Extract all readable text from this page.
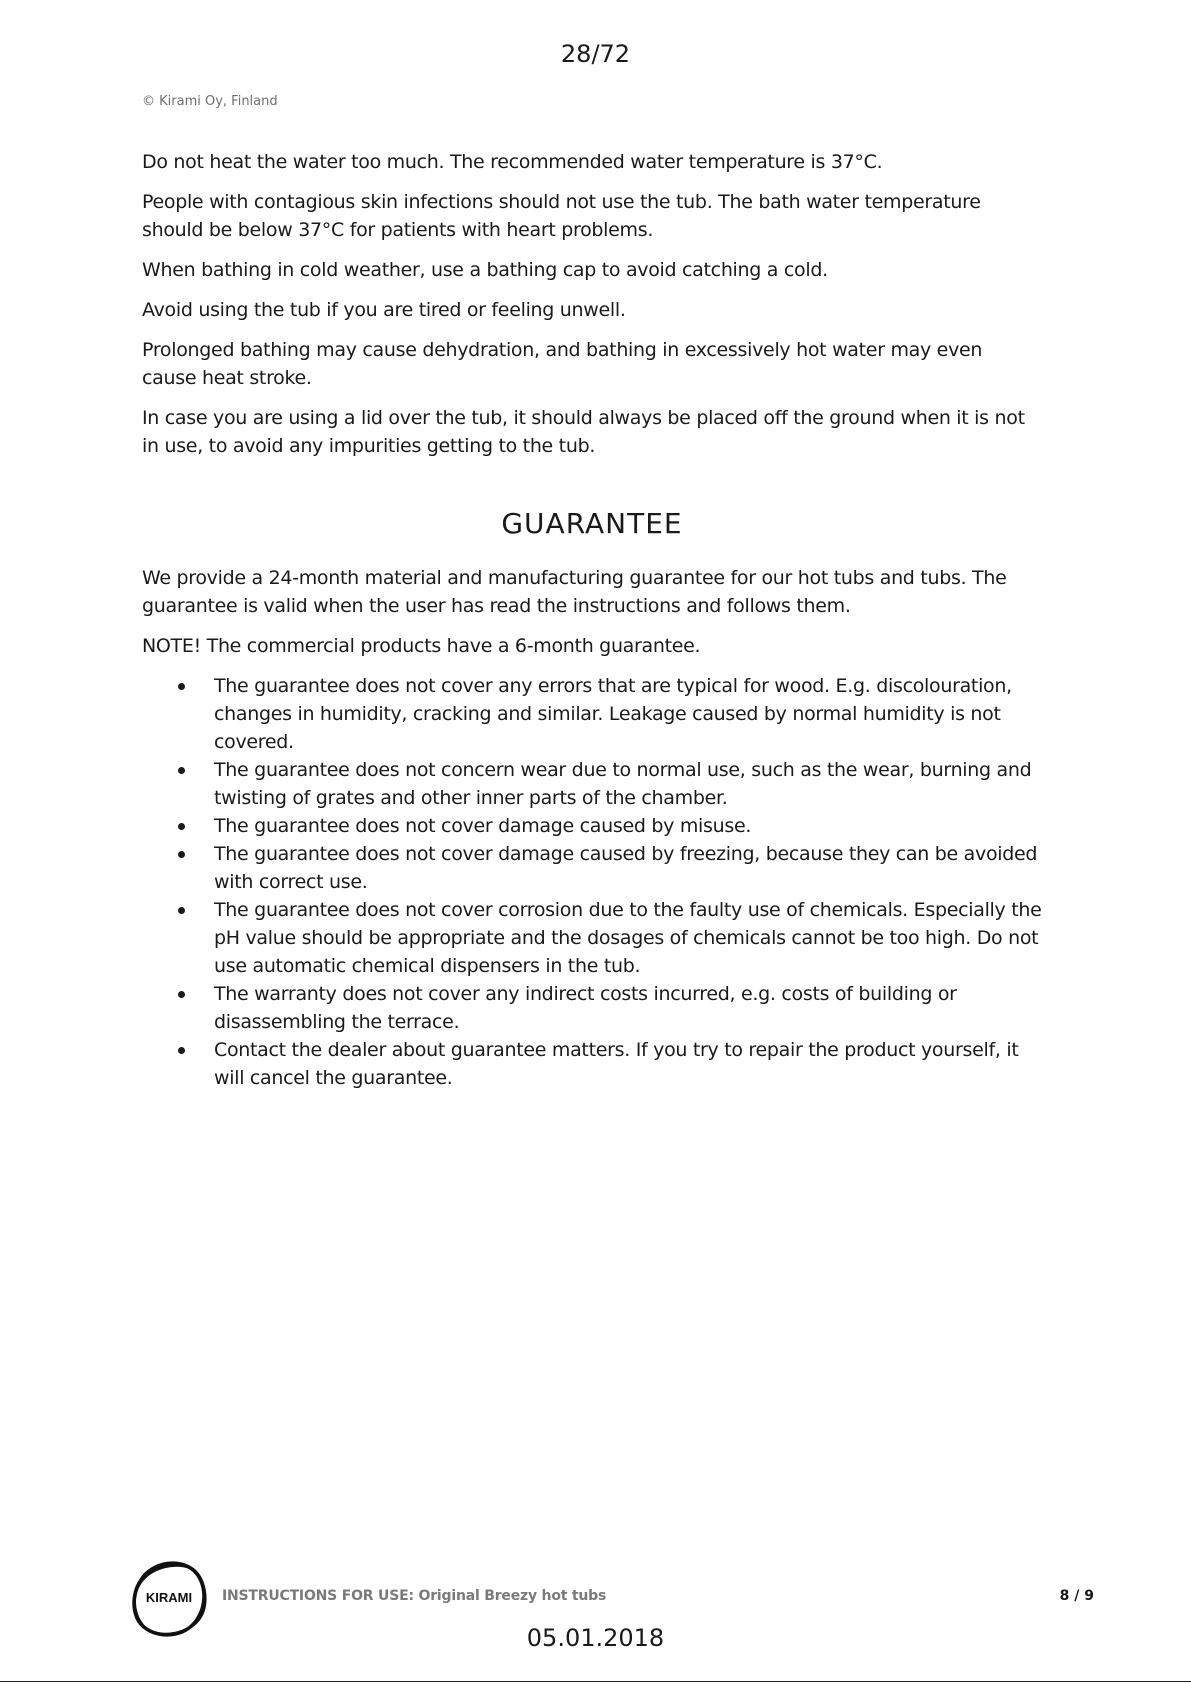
28/72
© Kirami Oy, Finland

Do not heat the water too much. The recommended water temperature is 37°C.

People with contagious skin infections should not use the tub. The bath water temperature should be below 37°C for patients with heart problems.

When bathing in cold weather, use a bathing cap to avoid catching a cold.

Avoid using the tub if you are tired or feeling unwell.

Prolonged bathing may cause dehydration, and bathing in excessively hot water may even cause heat stroke.

In case you are using a lid over the tub, it should always be placed off the ground when it is not in use, to avoid any impurities getting to the tub.

GUARANTEE

We provide a 24-month material and manufacturing guarantee for our hot tubs and tubs. The guarantee is valid when the user has read the instructions and follows them.

NOTE! The commercial products have a 6-month guarantee.

The guarantee does not cover any errors that are typical for wood. E.g. discolouration, changes in humidity, cracking and similar. Leakage caused by normal humidity is not covered.
The guarantee does not concern wear due to normal use, such as the wear, burning and twisting of grates and other inner parts of the chamber.
The guarantee does not cover damage caused by misuse.
The guarantee does not cover damage caused by freezing, because they can be avoided with correct use.
The guarantee does not cover corrosion due to the faulty use of chemicals. Especially the pH value should be appropriate and the dosages of chemicals cannot be too high. Do not use automatic chemical dispensers in the tub.
The warranty does not cover any indirect costs incurred, e.g. costs of building or disassembling the terrace.
Contact the dealer about guarantee matters. If you try to repair the product yourself, it will cancel the guarantee.
KIRAMI INSTRUCTIONS FOR USE: Original Breezy hot tubs	8 / 9
05.01.2018
